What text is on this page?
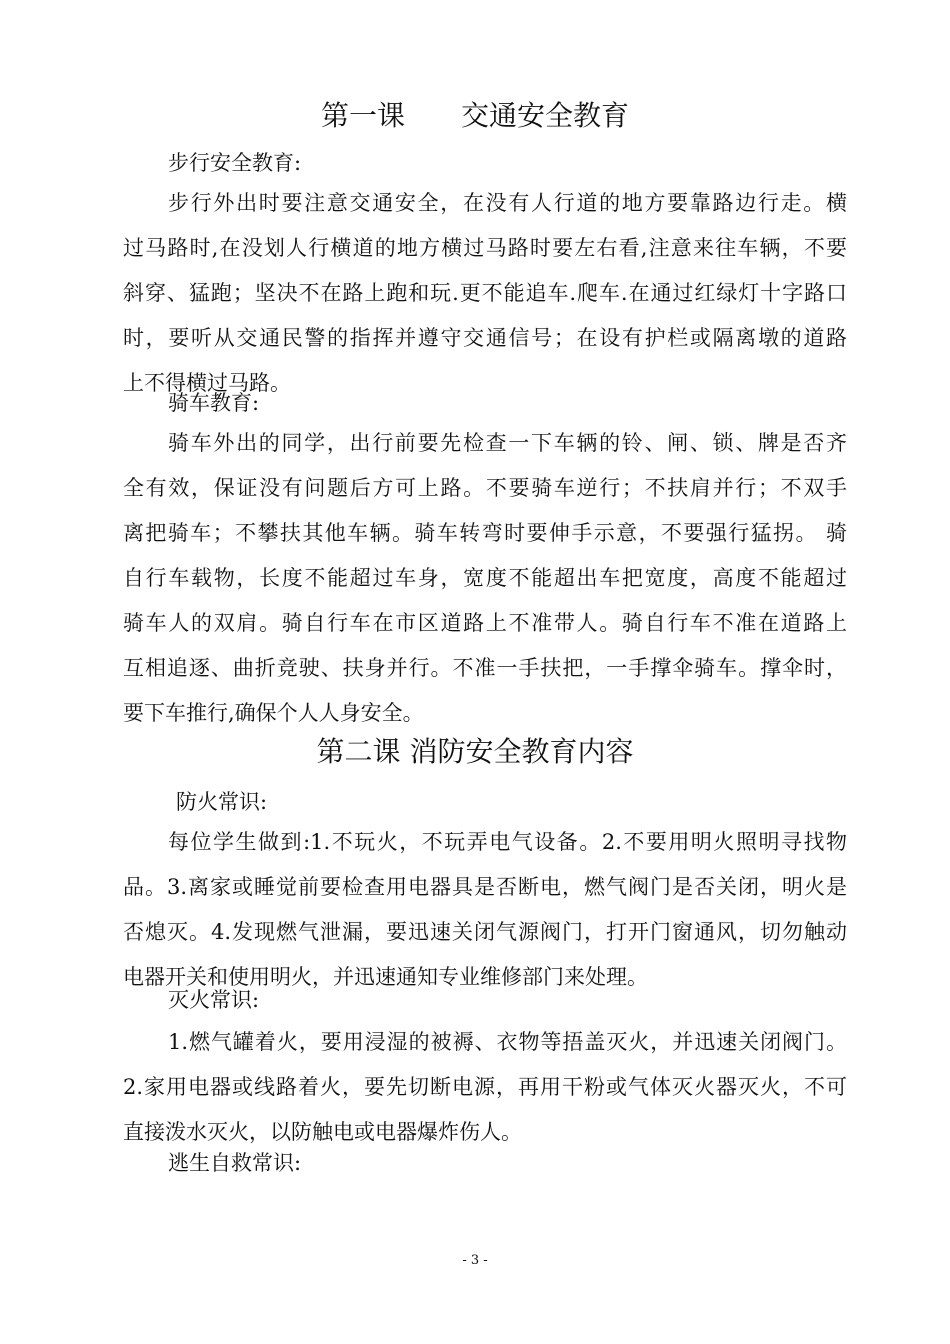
第一课　　交通安全教育
步行安全教育:
步行外出时要注意交通安全，在没有人行道的地方要靠路边行走。横
过马路时,在没划人行横道的地方横过马路时要左右看,注意来往车辆，不要
斜穿、猛跑；坚决不在路上跑和玩.更不能追车.爬车.在通过红绿灯十字路口
时，要听从交通民警的指挥并遵守交通信号；在设有护栏或隔离墩的道路
上不得横过马路。
骑车教育:
骑车外出的同学，出行前要先检查一下车辆的铃、闸、锁、牌是否齐
全有效，保证没有问题后方可上路。不要骑车逆行；不扶肩并行；不双手
离把骑车；不攀扶其他车辆。骑车转弯时要伸手示意，不要强行猛拐。 骑
自行车载物，长度不能超过车身，宽度不能超出车把宽度，高度不能超过
骑车人的双肩。骑自行车在市区道路上不准带人。骑自行车不准在道路上
互相追逐、曲折竞驶、扶身并行。不准一手扶把，一手撑伞骑车。撑伞时，
要下车推行,确保个人人身安全。
第二课 消防安全教育内容
防火常识:
每位学生做到:1.不玩火，不玩弄电气设备。2.不要用明火照明寻找物
品。3.离家或睡觉前要检查用电器具是否断电，燃气阀门是否关闭，明火是
否熄灭。4.发现燃气泄漏，要迅速关闭气源阀门，打开门窗通风，切勿触动
电器开关和使用明火，并迅速通知专业维修部门来处理。
灭火常识:
1.燃气罐着火，要用浸湿的被褥、衣物等捂盖灭火，并迅速关闭阀门。
2.家用电器或线路着火，要先切断电源，再用干粉或气体灭火器灭火，不可
直接泼水灭火，以防触电或电器爆炸伤人。
逃生自救常识:
- 3 -
